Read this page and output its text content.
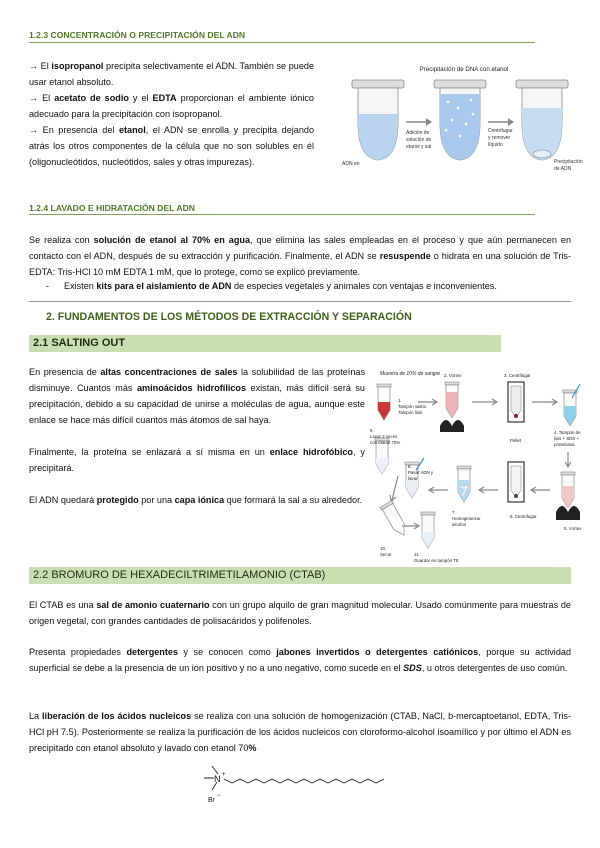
1.2.3 CONCENTRACIÓN O PRECIPITACIÓN DEL ADN
→ El isopropanol precipita selectivamente el ADN. También se puede usar etanol absoluto.
→ El acetato de sodio y el EDTA proporcionan el ambiente iónico adecuado para la precipitación con isopropanol.
→ En presencia del etanol, el ADN se enrolla y precipita dejando atrás los otros componentes de la célula que no son solubles en él (oligonucleótidos, nucleótidos, sales y otras impurezas).
Precipitación de DNA con etanol
ADN en
Adición de solución de etanol y sal
Centrifugar y remover líquido
Precipitación de ADN
1.2.4 LAVADO E HIDRATACIÓN DEL ADN
Se realiza con solución de etanol al 70% en agua, que elimina las sales empleadas en el proceso y que aún permanecen en contacto con el ADN, después de su extracción y purificación. Finalmente, el ADN se resuspende o hidrata en una solución de Tris-EDTA: Tris-HCl 10 mM EDTA 1 mM, que lo protege, como se explicó previamente.
- Existen kits para el aislamiento de ADN de especies vegetales y animales con ventajas e inconvenientes.
2. FUNDAMENTOS DE LOS MÉTODOS DE EXTRACCIÓN Y SEPARACIÓN
2.1 SALTING OUT
En presencia de altas concentraciones de sales la solubilidad de las proteínas disminuye. Cuantos más aminoácidos hidrofílicos existan, más difícil será su precipitación, debido a su capacidad de unirse a moléculas de agua, aunque este enlace se hace más difícil cuantos más átomos de sal haya.
Finalmente, la proteína se enlazará a sí misma en un enlace hidrofóbico, y precipitará.
El ADN quedará protegido por una capa iónica que formará la sal a su alrededor.
Muestra de 10% de sangre
1. Tampón salino Tampón lisis
2. Vortex	3. Centrifugar
Pellet
4. Tampón de lisis + SDS + proteinasa
5. Vortex
6. Centrifugar
7. Homogeneizar alcohol
8. Pasar ADN y lavar
9. Lavar 2 veces con etanol 70%
10. Secar	11. Guardar en tampón TE
2.2 BROMURO DE HEXADECILTRIMETILAMONIO (CTAB)
El CTAB es una sal de amonio cuaternario con un grupo alquilo de gran magnitud molecular. Usado comúnmente para muestras de origen vegetal, con grandes cantidades de polisacáridos y polifenoles.
Presenta propiedades detergentes y se conocen como jabones invertidos o detergentes catiónicos, porque su actividad superficial se debe a la presencia de un ion positivo y no a uno negativo, como sucede en el SDS, u otros detergentes de uso común.
La liberación de los ácidos nucleicos se realiza con una solución de homogenización (CTAB, NaCl, b-mercaptoetanol, EDTA, Tris-HCl pH 7.5). Posteriormente se realiza la purificación de los ácidos nucleicos con cloroformo-alcohol isoamílico y por último el ADN es precipitado con etanol absoluto y lavado con etanol 70%
N +
Br
−
